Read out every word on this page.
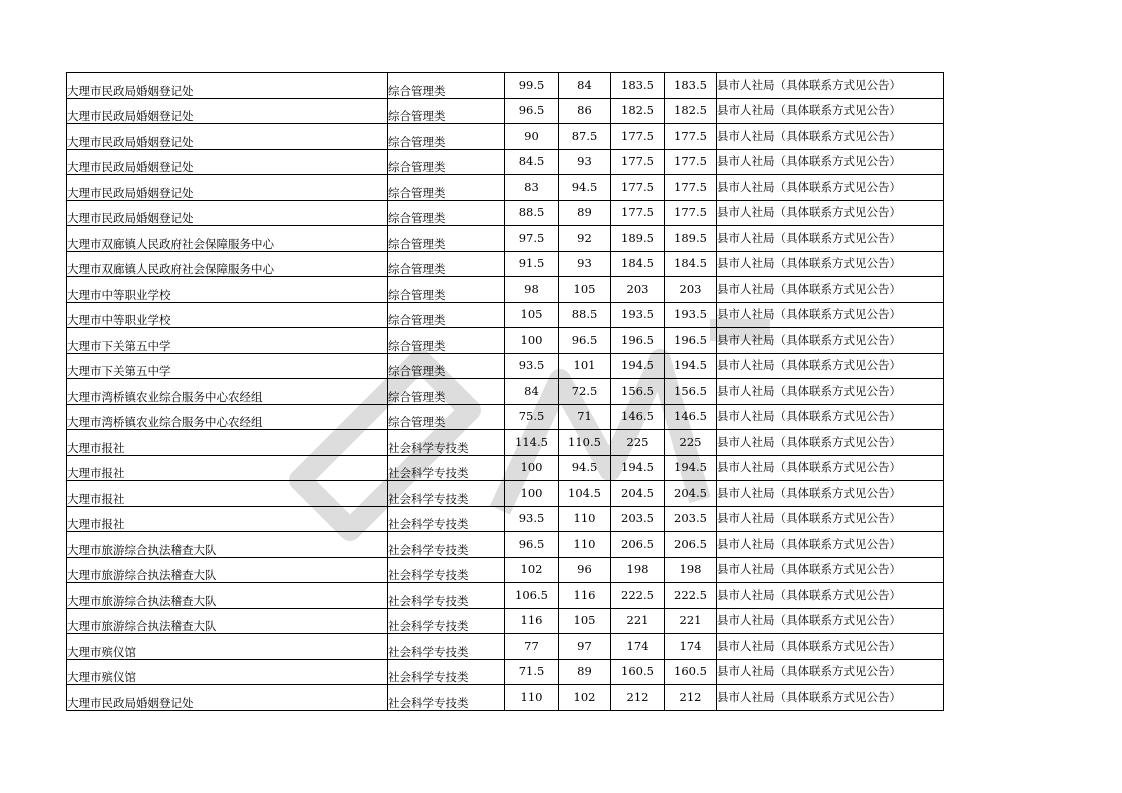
大理市民政局婚姻登记处	综合管理类	99.5	84	183.5	183.5	县市人社局（具体联系方式见公告）
大理市民政局婚姻登记处	综合管理类	96.5	86	182.5	182.5	县市人社局（具体联系方式见公告）
大理市民政局婚姻登记处	综合管理类	90	87.5	177.5	177.5	县市人社局（具体联系方式见公告）
大理市民政局婚姻登记处	综合管理类	84.5	93	177.5	177.5	县市人社局（具体联系方式见公告）
大理市民政局婚姻登记处	综合管理类	83	94.5	177.5	177.5	县市人社局（具体联系方式见公告）
大理市民政局婚姻登记处	综合管理类	88.5	89	177.5	177.5	县市人社局（具体联系方式见公告）
大理市双廊镇人民政府社会保障服务中心	综合管理类	97.5	92	189.5	189.5	县市人社局（具体联系方式见公告）
大理市双廊镇人民政府社会保障服务中心	综合管理类	91.5	93	184.5	184.5	县市人社局（具体联系方式见公告）
大理市中等职业学校	综合管理类	98	105	203	203	县市人社局（具体联系方式见公告）
大理市中等职业学校	综合管理类	105	88.5	193.5	193.5	县市人社局（具体联系方式见公告）
大理市下关第五中学	综合管理类	100	96.5	196.5	196.5	县市人社局（具体联系方式见公告）
大理市下关第五中学	综合管理类	93.5	101	194.5	194.5	县市人社局（具体联系方式见公告）
大理市湾桥镇农业综合服务中心农经组	综合管理类	84	72.5	156.5	156.5	县市人社局（具体联系方式见公告）
大理市湾桥镇农业综合服务中心农经组	综合管理类	75.5	71	146.5	146.5	县市人社局（具体联系方式见公告）
大理市报社	社会科学专技类	114.5	110.5	225	225	县市人社局（具体联系方式见公告）
大理市报社	社会科学专技类	100	94.5	194.5	194.5	县市人社局（具体联系方式见公告）
大理市报社	社会科学专技类	100	104.5	204.5	204.5	县市人社局（具体联系方式见公告）
大理市报社	社会科学专技类	93.5	110	203.5	203.5	县市人社局（具体联系方式见公告）
大理市旅游综合执法稽查大队	社会科学专技类	96.5	110	206.5	206.5	县市人社局（具体联系方式见公告）
大理市旅游综合执法稽查大队	社会科学专技类	102	96	198	198	县市人社局（具体联系方式见公告）
大理市旅游综合执法稽查大队	社会科学专技类	106.5	116	222.5	222.5	县市人社局（具体联系方式见公告）
大理市旅游综合执法稽查大队	社会科学专技类	116	105	221	221	县市人社局（具体联系方式见公告）
大理市殡仪馆	社会科学专技类	77	97	174	174	县市人社局（具体联系方式见公告）
大理市殡仪馆	社会科学专技类	71.5	89	160.5	160.5	县市人社局（具体联系方式见公告）
大理市民政局婚姻登记处	社会科学专技类	110	102	212	212	县市人社局（具体联系方式见公告）
